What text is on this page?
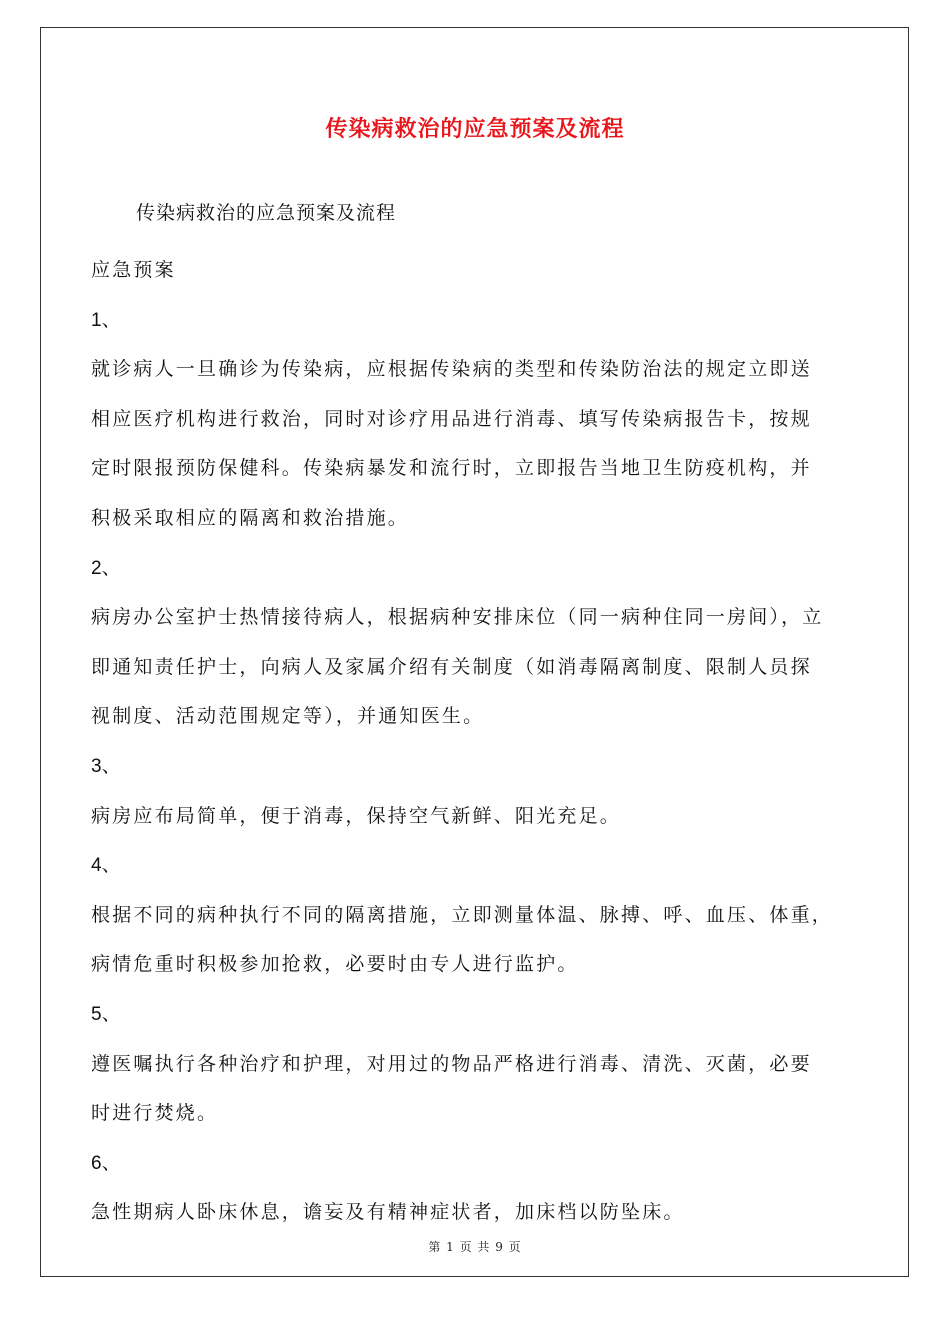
传染病救治的应急预案及流程
传染病救治的应急预案及流程
应急预案
1、
就诊病人一旦确诊为传染病，应根据传染病的类型和传染防治法的规定立即送
相应医疗机构进行救治，同时对诊疗用品进行消毒、填写传染病报告卡，按规
定时限报预防保健科。传染病暴发和流行时，立即报告当地卫生防疫机构，并
积极采取相应的隔离和救治措施。
2、
病房办公室护士热情接待病人，根据病种安排床位（同一病种住同一房间），立
即通知责任护士，向病人及家属介绍有关制度（如消毒隔离制度、限制人员探
视制度、活动范围规定等），并通知医生。
3、
病房应布局简单，便于消毒，保持空气新鲜、阳光充足。
4、
根据不同的病种执行不同的隔离措施，立即测量体温、脉搏、呼、血压、体重，
病情危重时积极参加抢救，必要时由专人进行监护。
5、
遵医嘱执行各种治疗和护理，对用过的物品严格进行消毒、清洗、灭菌，必要
时进行焚烧。
6、
急性期病人卧床休息，谵妄及有精神症状者，加床档以防坠床。
第 1 页 共 9 页
